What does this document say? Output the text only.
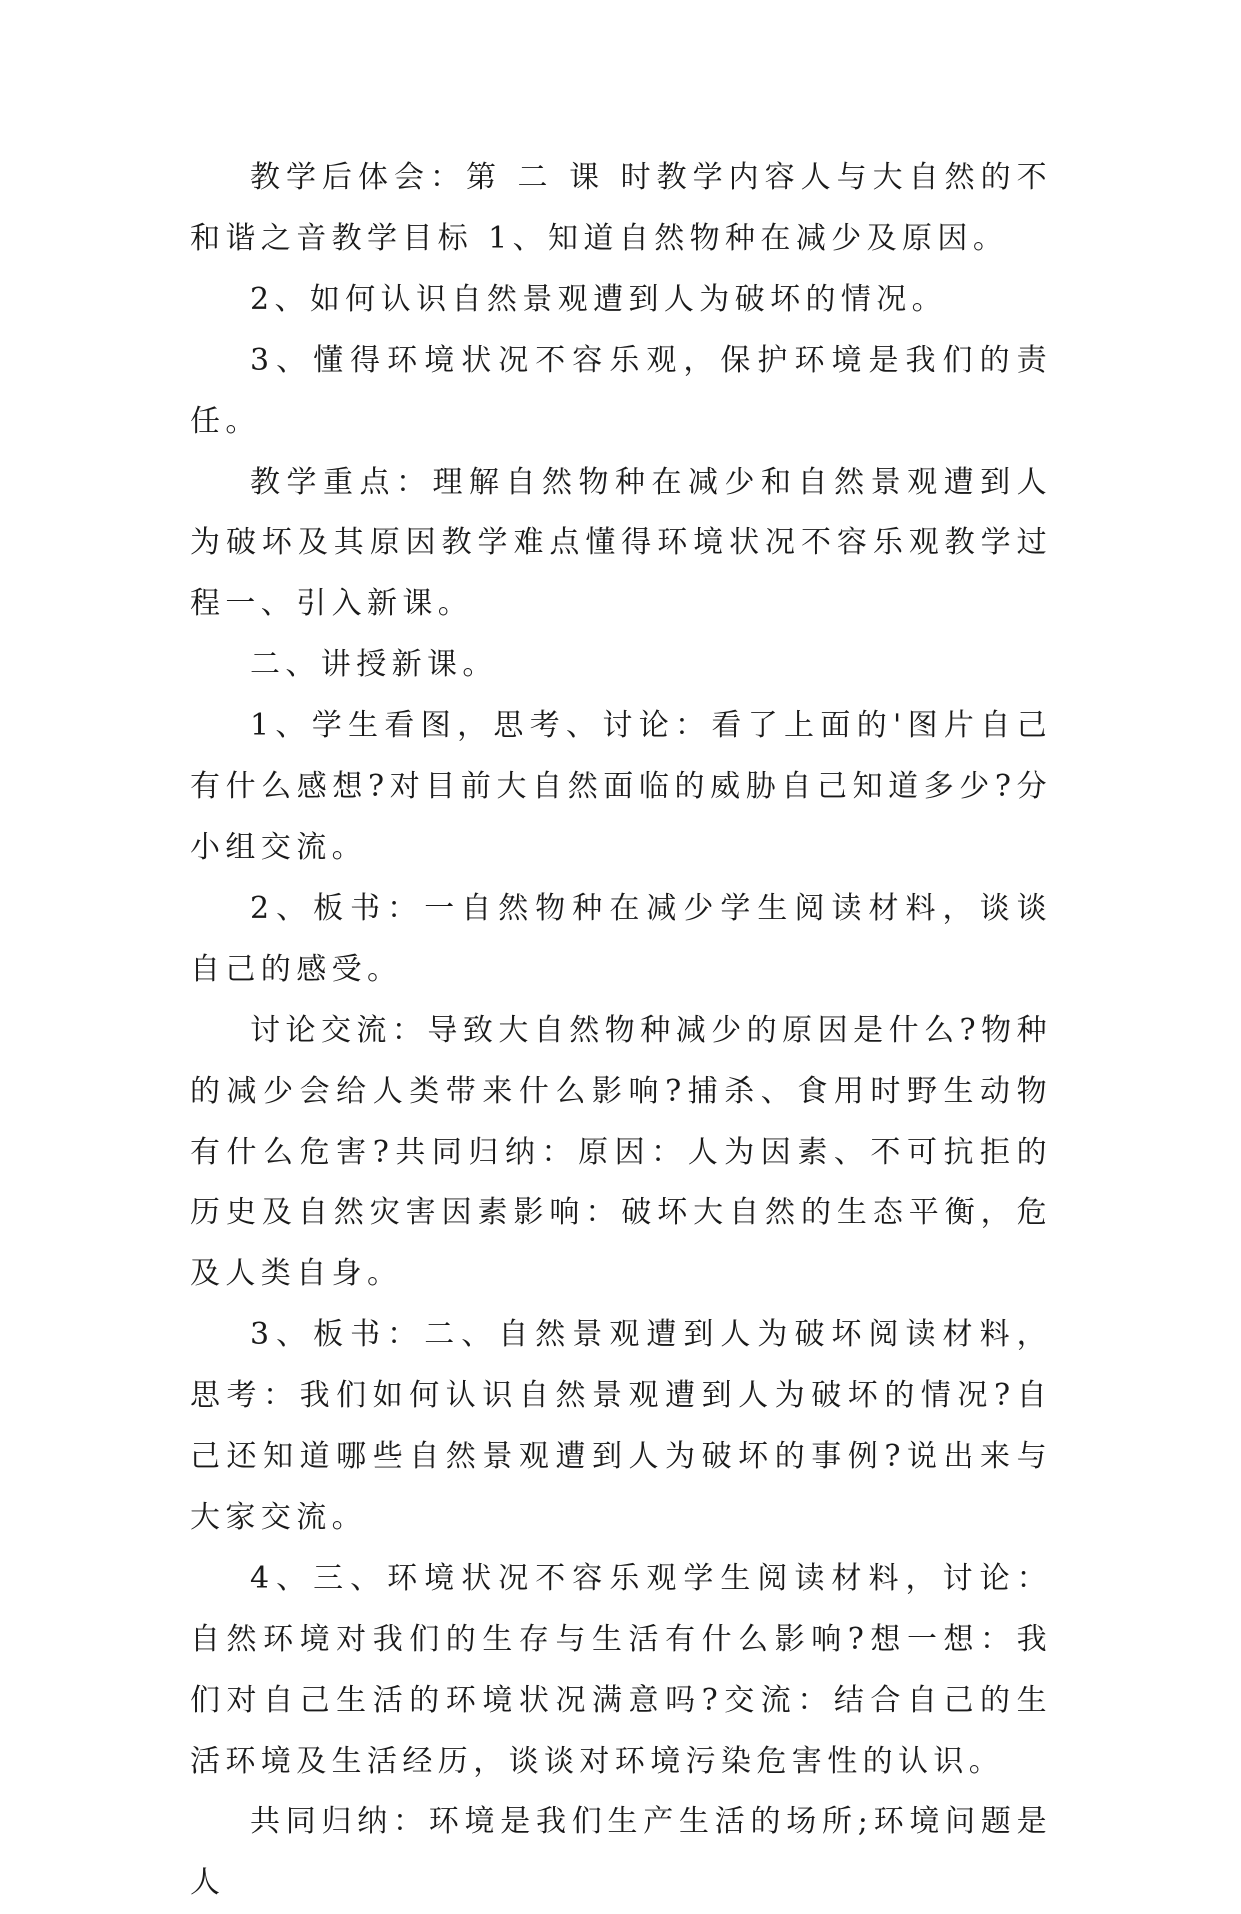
教学后体会：第 二 课 时教学内容人与大自然的不和谐之音教学目标 1、知道自然物种在减少及原因。

2、如何认识自然景观遭到人为破坏的情况。

3、懂得环境状况不容乐观，保护环境是我们的责任。

教学重点：理解自然物种在减少和自然景观遭到人为破坏及其原因教学难点懂得环境状况不容乐观教学过程一、引入新课。

二、讲授新课。

1、学生看图，思考、讨论：看了上面的'图片自己有什么感想?对目前大自然面临的威胁自己知道多少?分小组交流。

2、板书：一自然物种在减少学生阅读材料，谈谈自己的感受。

讨论交流：导致大自然物种减少的原因是什么?物种的减少会给人类带来什么影响?捕杀、食用时野生动物有什么危害?共同归纳：原因：人为因素、不可抗拒的历史及自然灾害因素影响：破坏大自然的生态平衡，危及人类自身。

3、板书：二、自然景观遭到人为破坏阅读材料，思考：我们如何认识自然景观遭到人为破坏的情况?自己还知道哪些自然景观遭到人为破坏的事例?说出来与大家交流。

4、三、环境状况不容乐观学生阅读材料，讨论：自然环境对我们的生存与生活有什么影响?想一想：我们对自己生活的环境状况满意吗?交流：结合自己的生活环境及生活经历，谈谈对环境污染危害性的认识。

共同归纳：环境是我们生产生活的场所;环境问题是人
